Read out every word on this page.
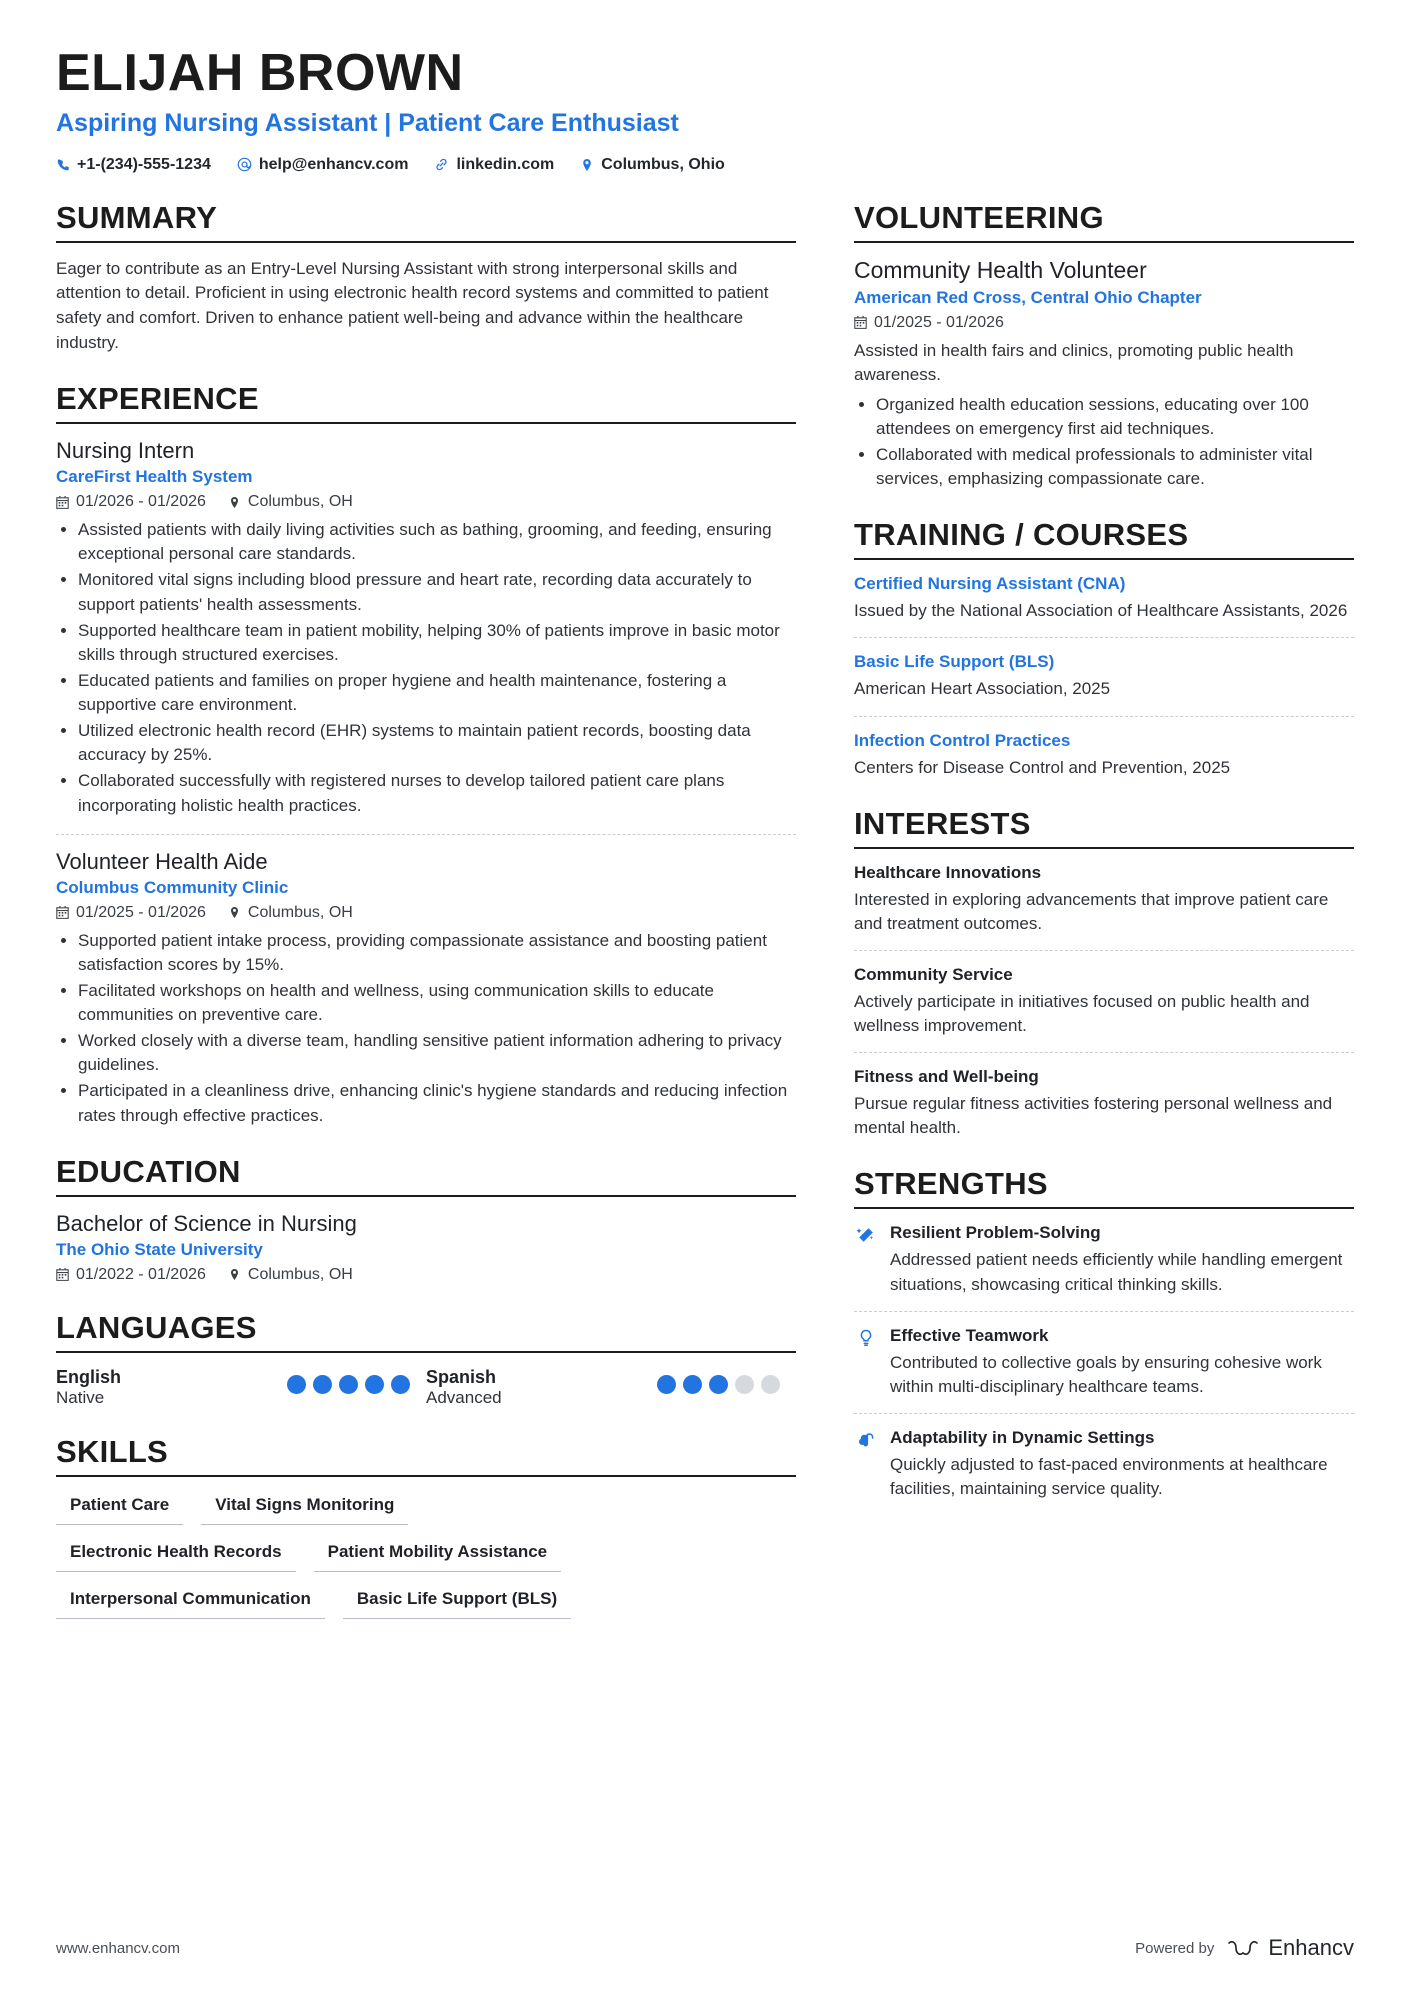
ELIJAH BROWN
Aspiring Nursing Assistant | Patient Care Enthusiast
+1-(234)-555-1234	help@enhancv.com	linkedin.com	Columbus, Ohio
SUMMARY

Eager to contribute as an Entry-Level Nursing Assistant with strong interpersonal skills and attention to detail. Proficient in using electronic health record systems and committed to patient safety and comfort. Driven to enhance patient well-being and advance within the healthcare industry.

EXPERIENCE
Nursing Intern
CareFirst Health System
01/2026 - 01/2026	Columbus, OH
• Assisted patients with daily living activities such as bathing, grooming, and feeding, ensuring exceptional personal care standards.
• Monitored vital signs including blood pressure and heart rate, recording data accurately to support patients' health assessments.
• Supported healthcare team in patient mobility, helping 30% of patients improve in basic motor skills through structured exercises.
• Educated patients and families on proper hygiene and health maintenance, fostering a supportive care environment.
• Utilized electronic health record (EHR) systems to maintain patient records, boosting data accuracy by 25%.
• Collaborated successfully with registered nurses to develop tailored patient care plans incorporating holistic health practices.
Volunteer Health Aide
Columbus Community Clinic
01/2025 - 01/2026	Columbus, OH
• Supported patient intake process, providing compassionate assistance and boosting patient satisfaction scores by 15%.
• Facilitated workshops on health and wellness, using communication skills to educate communities on preventive care.
• Worked closely with a diverse team, handling sensitive patient information adhering to privacy guidelines.
• Participated in a cleanliness drive, enhancing clinic's hygiene standards and reducing infection rates through effective practices.
EDUCATION
Bachelor of Science in Nursing
The Ohio State University
01/2022 - 01/2026	Columbus, OH
LANGUAGES
English
Native
Spanish
Advanced
SKILLS
Patient Care	Vital Signs Monitoring
Electronic Health Records	Patient Mobility Assistance
Interpersonal Communication	Basic Life Support (BLS)
VOLUNTEERING
Community Health Volunteer
American Red Cross, Central Ohio Chapter
01/2025 - 01/2026

Assisted in health fairs and clinics, promoting public health awareness.

• Organized health education sessions, educating over 100 attendees on emergency first aid techniques.
• Collaborated with medical professionals to administer vital services, emphasizing compassionate care.
TRAINING / COURSES
Certified Nursing Assistant (CNA)

Issued by the National Association of Healthcare Assistants, 2026

Basic Life Support (BLS)

American Heart Association, 2025

Infection Control Practices

Centers for Disease Control and Prevention, 2025

INTERESTS
Healthcare Innovations

Interested in exploring advancements that improve patient care and treatment outcomes.

Community Service

Actively participate in initiatives focused on public health and wellness improvement.

Fitness and Well-being

Pursue regular fitness activities fostering personal wellness and mental health.

STRENGTHS
Resilient Problem-Solving

Addressed patient needs efficiently while handling emergent situations, showcasing critical thinking skills.

Effective Teamwork

Contributed to collective goals by ensuring cohesive work within multi-disciplinary healthcare teams.

Adaptability in Dynamic Settings

Quickly adjusted to fast-paced environments at healthcare facilities, maintaining service quality.

www.enhancv.com	Powered by Enhancv
